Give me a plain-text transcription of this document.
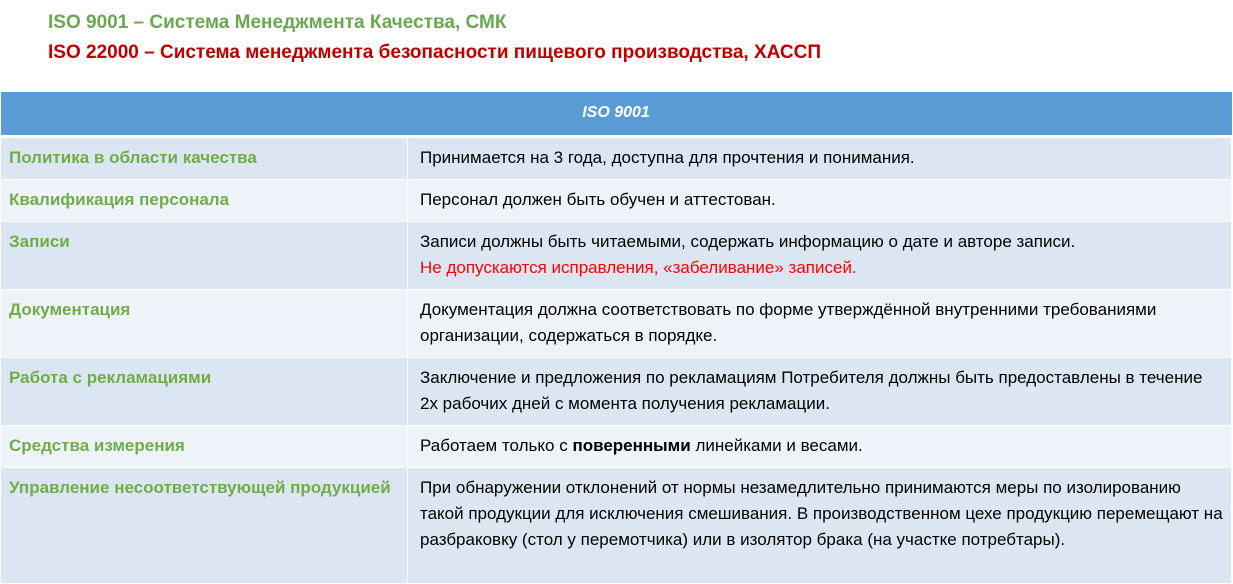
ISO 9001 – Система Менеджмента Качества, СМК
ISO 22000 – Система менеджмента безопасности пищевого производства, ХАССП
ISO 9001	
Политика в области качества	Принимается на 3 года, доступна для прочтения и понимания.
Квалификация персонала	Персонал должен быть обучен и аттестован.
Записи	Записи должны быть читаемыми, содержать информацию о дате и авторе записи.
Не допускаются исправления, «забеливание» записей.

Документация	Документация должна соответствовать по форме утверждённой внутренними требованиями организации, содержаться в порядке.
Работа с рекламациями	Заключение и предложения по рекламациям Потребителя должны быть предоставлены в течение 2х рабочих дней с момента получения рекламации.
Средства измерения	Работаем только с поверенными линейками и весами.
Управление несоответствующей продукцией	При обнаружении отклонений от нормы незамедлительно принимаются меры по изолированию такой продукции для исключения смешивания. В производственном цехе продукцию перемещают на разбраковку (стол у перемотчика) или в изолятор брака (на участке потребтары).
